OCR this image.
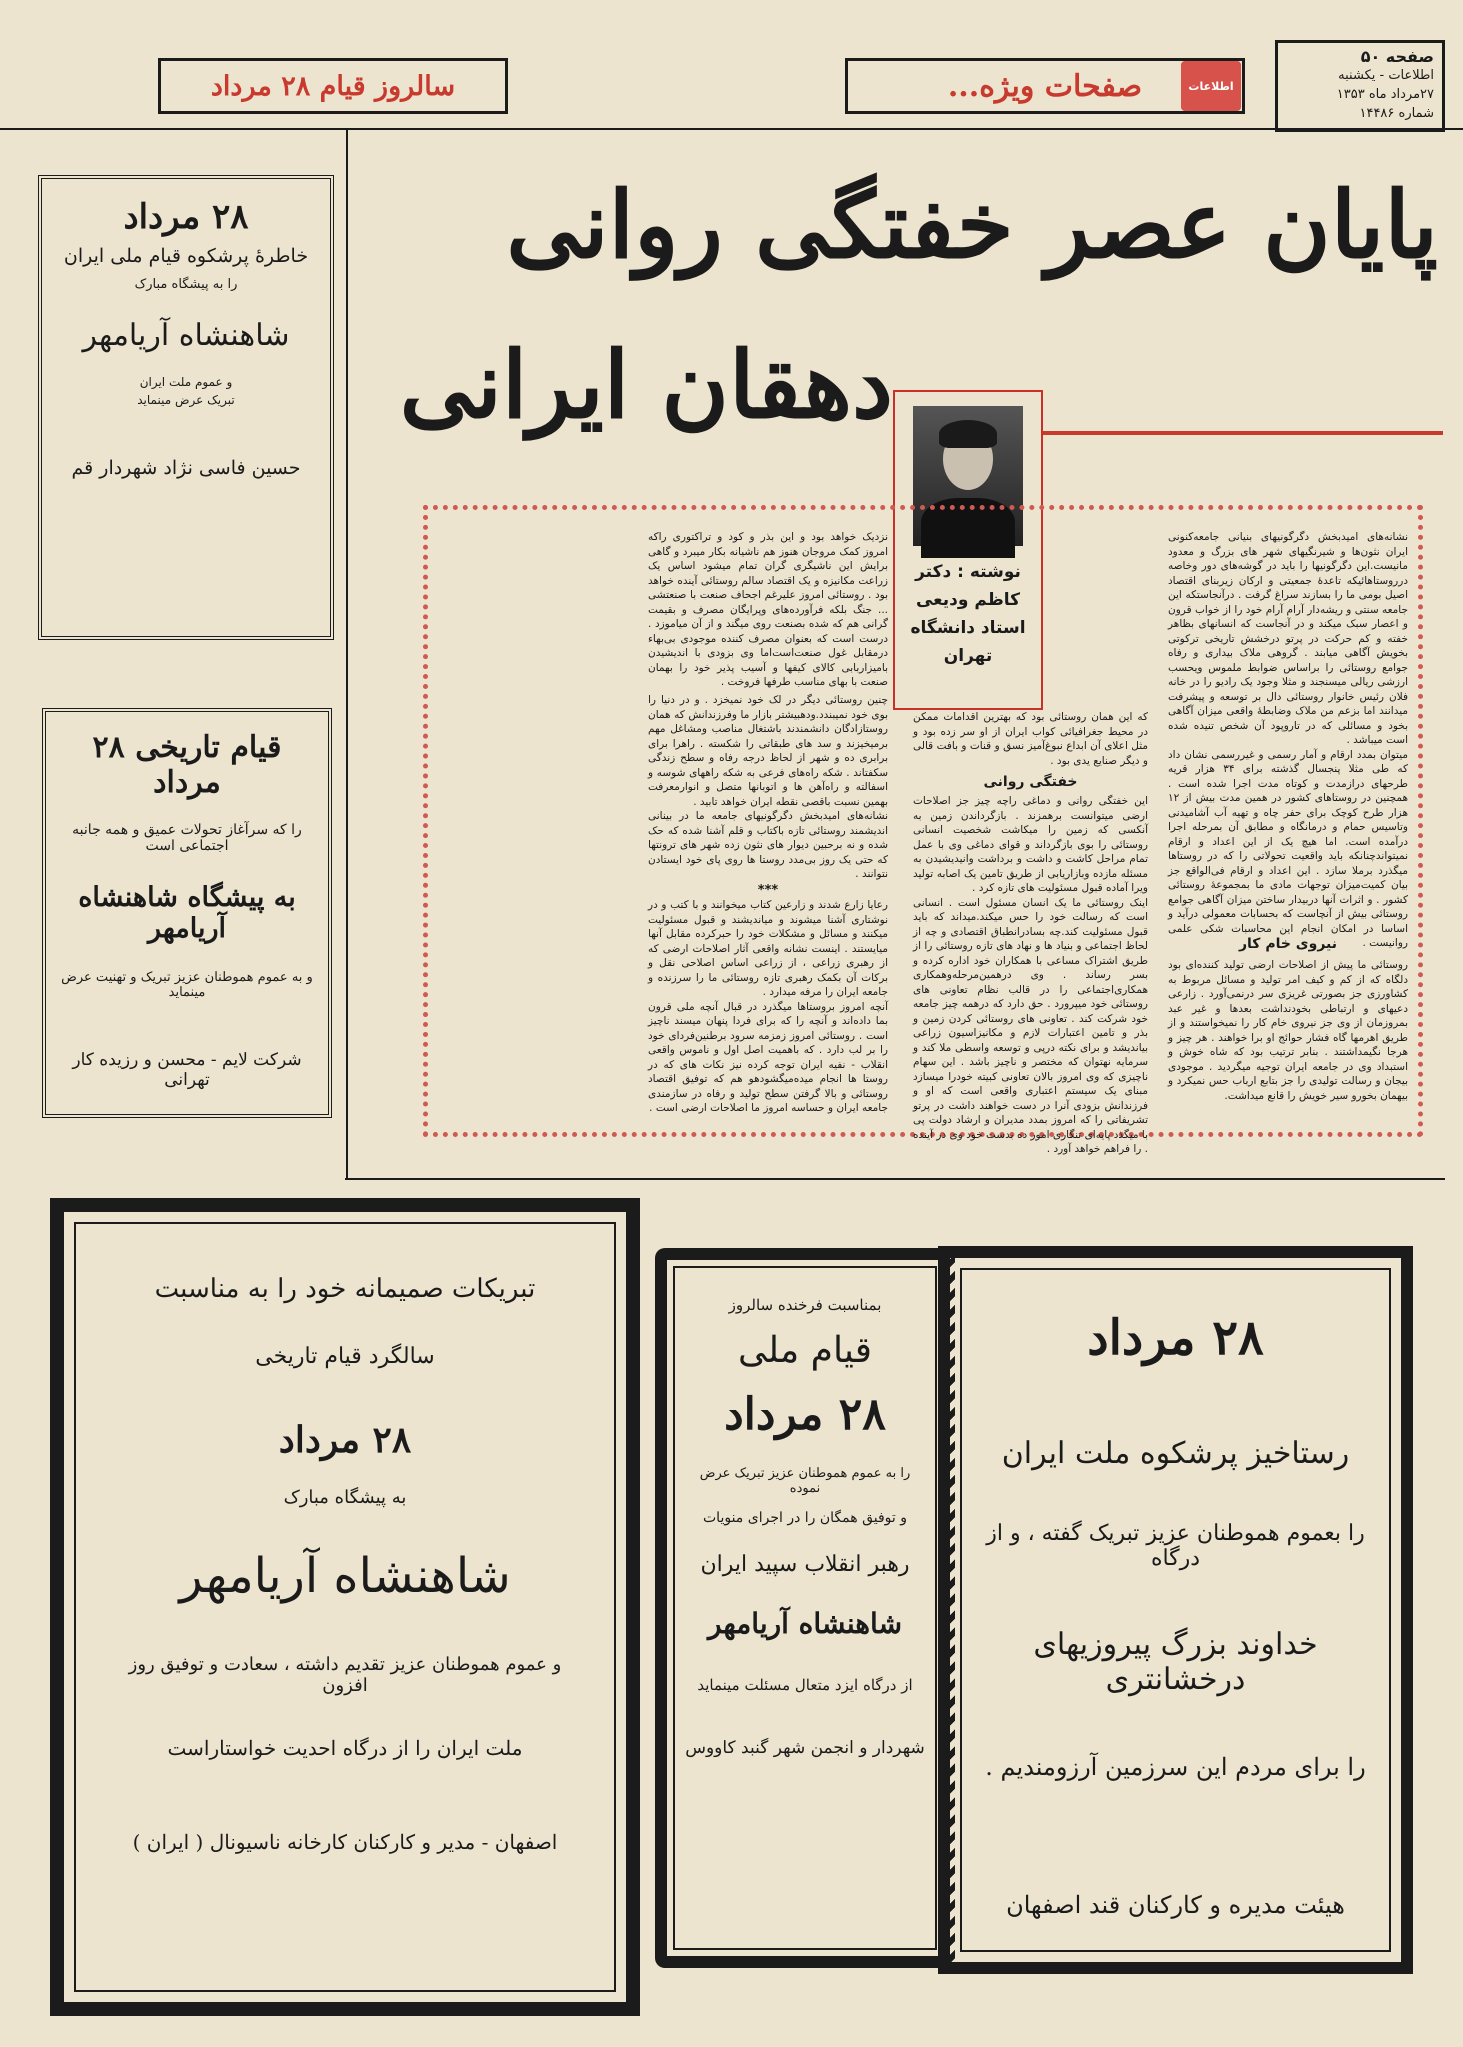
صفحه ۵۰
اطلاعات - یکشنبه
۲۷مرداد ماه ۱۳۵۳
شماره ۱۴۴۸۶
صفحات ویژه...	اطلاعات
سالروز قیام ۲۸ مرداد
پایان عصر خفتگی روانی
دهقان ایرانی
نوشته : دکتر
کاظم ودیعی
استاد دانشگاه
تهران
نشانه‌های امیدبخش دگرگونیهای بنیانی جامعه‌کنونی ایران نثون‌ها و شیرنگیهای شهر های بزرگ و معدود مانیست.این دگرگونیها را باید در گوشه‌های دور وخاصه درروستاهائیکه تاعدهٔ جمعیتی و ارکان زیربنای اقتصاد اصیل بومی ما را بسازند سراغ گرفت . درآنجاستکه این جامعه سنتی و ریشه‌دار آرام آرام خود را از خواب قرون و اعصار سبک میکند و در آنجاست که انسانهای بظاهر خفته و کم حرکت در پرتو درخشش تاریخی ترکوتی بخویش آگاهی میابند . گروهی ملاک بیداری و رفاه جوامع روستائی را براساس ضوابط ملموس ویحسب ارزشی ریالی میسنجند و مثلا وجود یک رادیو را در خانه فلان رئیس خانوار روستائی دال بر توسعه و پیشرفت میدانند اما بزعم من ملاک وضابطهٔ واقعی میزان آگاهی بخود و مسائلی که در تاروپود آن شخص تنیده شده است میباشد .
میتوان بمدد ارقام و آمار رسمی و غیررسمی نشان داد که طی مثلا پنجسال گذشته برای ۳۴ هزار قریه طرحهای درازمدت و کوتاه مدت اجرا شده است . همچنین در روستاهای کشور در همین مدت بیش از ۱۲ هزار طرح کوچک برای حفر چاه و تهیه آب آشامیدنی وتاسیس حمام و درمانگاه و مطابق آن بمرحله اجرا درآمده است. اما هیچ یک از این اعداد و ارقام نمیتواندچنانکه باید واقعیت تحولاتی را که در روستاها میگذرد برملا سازد . این اعداد و ارقام فی‌الواقع جز بیان کمیت‌میزان توجهات مادی ما بمجموعهٔ روستائی کشور . و اثرات آنها دربیدار ساختن میزان آگاهی جوامع روستائی بیش از آنچاست که بحسابات معمولی درآید و اساسا در امکان انجام این محاسبات شکی علمی روانیست .
نیروی خام کار
روستائی ما پیش از اصلاحات ارضی تولید کننده‌ای بود دلگاه که از کم و کیف امر تولید و مسائل مربوط به کشاورزی جز بصورتی غریزی سر درنمی‌آورد . زارعی دعیهای و ارتباطی بخودنداشت بعدها و غیر عبد بمروزمان از وی جز نیروی خام کار را نمیخواستند و از طریق اهرمها گاه فشار حوائج او برا خواهند . هر چیز و هرجا نگیمداشتند . بنابر ترتیب بود که شاه خوش و استبداد وی در جامعه ایران توجیه میگردید . موجودی بیجان و رسالت تولیدی را جز بتابع ارباب حس نمیکرد و بیهمان بخورو سیر خویش را قانع میداشت.
که این همان روستائی بود که بهترین اقدامات ممکن در محیط جغرافیائی کواب ایران از او سر زده بود و مثل اعلای آن ابداع نبوغ‌آمیز نسق و قنات و بافت قالی و دیگر صنایع یدی بود .
خفتگی روانی
این خفتگی روانی و دماغی راچه چیز جز اصلاحات ارضی میتوانست برهمزند . بازگرداندن زمین به آنکسی که زمین را میکاشت شخصیت انسانی روستائی را بوی بازگرداند و قوای دماغی وی با عمل تمام مراحل کاشت و داشت و برداشت وانیدیشیدن به مسئله مازده وبازاریابی از طریق تامین یک اصابه تولید ویرا آماده قبول مسئولیت های تازه کرد .
اینک روستائی ما یک انسان مسئول است . انسانی است که رسالت خود را حس میکند.میداند که باید قبول مسئولیت کند.چه بسادرانطباق اقتصادی و چه از لحاظ اجتماعی و بنیاد ها و نهاد های تازه روستائی را از طریق اشتراک مساعی با همکاران خود اداره کرده و بسر رساند . وی درهمین‌مرحله‌وهمکاری همکاری‌اجتماعی را در قالب نظام تعاونی های روستائی خود میپرورد . حق دارد که درهمه چیز جامعه خود شرکت کند . تعاونی های روستائی کردن زمین و بذر و تامین اعتبارات لازم و مکانیزاسیون زراعی بیاندیشد و برای نکته درپی و توسعه واسطی ملا کند و سرمایه نهتوان که مختصر و ناچیز باشد . این سهام ناچیزی که وی امروز بالان تعاونی کبیته خودرا میسازد مبنای یک سیستم اعتباری واقعی است که او و فرزندانش بزودی آنرا در دست خواهند داشت در پرتو تشریفاتی را که امروز بمدد مدیران و ارشاد دولت پی با میگذد پایه‌ای تنگاری امور ده بدست خود وی در آینده . را فراهم خواهد آورد .
نزدیک خواهد بود و این بذر و کود و تراکتوری راکه امروز کمک مروجان هنوز هم ناشیانه بکار میبرد و گاهی برایش این ناشیگری گران تمام میشود اساس یک زراعت مکانیزه و یک اقتصاد سالم روستائی آینده خواهد بود . روستائی امروز علیرغم اجحاف صنعت با صنعتشی ... جنگ بلکه فرآورده‌های وپرایگان مصرف و بقیمت گرانی هم که شده بصنعت روی میگند و از آن میاموزد . درست است که بعنوان مصرف کننده موجودی بی‌بهاء درمقابل غول صنعت‌است‌اما وی بزودی با اندیشیدن بامیزاربابی کالای کیفها و آسیب پذیر خود را بهمان صنعت با بهای مناسب طرفها فروخت .
چنین روستائی دیگر در لک خود نمیخزد . و در دنیا را بوی خود نمیبندد.ودهبیشتر بازار ما وفرزندانش که همان روستازادگان دانشمندند باشتغال مناصب ومشاغل مهم برمیخیزند و سد های طبقاتی را شکسته . راهرا برای برابری ده و شهر از لحاظ درجه رفاه و سطح زندگی سکفتاند . شکه راه‌های فرعی به شکه راههای شوسه و اسفالته و راه‌آهن ها و اتوبانها متصل و انوارمعرفت بهمین نسبت باقصی نقطه ایران خواهد تابید .
نشانه‌های امیدبخش دگرگونیهای جامعه ما در بینانی اندیشمند روستائی تازه باکتاب و قلم آشنا شده که حک شده و نه برحبین دیوار های نثون زده شهر های ترونتها که حتی یک روز بی‌مدد روستا ها روی پای خود ایستادن نتوانند .
***
رعایا زارع شدند و زارعین کتاب میخوانند و با کتب و در نوشتاری آشنا میشوند و میاندیشند و قبول مسئولیت میکنند و مسائل و مشکلات خود را حبرکرده مقابل آنها میایستند . اینست نشانه واقعی آثار اصلاحات ارضی که از رهبری زراعی ، از زراعی اساس اصلاحی نقل و برکات آن بکمک رهبری تازه روستائی ما را سرزنده و جامعه ایران را مرفه میدارد .
آنچه امروز بروستاها میگذرد در قبال آنچه ملی قرون بما داده‌اند و آنچه را که برای فردا پنهان میسند ناچیز است . روستائی امروز زمزمه سرود برطنین‌فردای خود را بر لب دارد . که باهمیت اصل اول و ناموس واقعی انقلاب - نفیه ایران توجه کرده نیز نکات های که در روستا ها انجام میده‌میگشودهو هم که توفیق اقتصاد روستائی و بالا گرفتن سطح تولید و رفاه در سازمندی جامعه ایران و حساسه امروز ما اصلاحات ارضی است .
۲۸ مرداد
خاطرهٔ پرشکوه قیام ملی ایران
را به پیشگاه مبارک
شاهنشاه آریامهر
و عموم ملت ایران
تبریک عرض مینماید
حسین فاسی نژاد شهردار قم
قیام تاریخی ۲۸ مرداد
را که سرآغاز تحولات عمیق و همه جانبه اجتماعی است
به پیشگاه شاهنشاه آریامهر
و به عموم هموطنان عزیز تبریک و تهنیت عرض مینماید
شرکت لایم - محسن و رزیده کار تهرانی
تبریکات صمیمانه خود را به مناسبت
سالگرد قیام تاریخی
۲۸ مرداد
به پیشگاه مبارک
شاهنشاه آریامهر
و عموم هموطنان عزیز تقدیم داشته ، سعادت و توفیق روز افزون
ملت ایران را از درگاه احدیت خواستاراست
اصفهان - مدیر و کارکنان کارخانه ناسیونال ( ایران )
بمناسبت فرخنده سالروز
قیام ملی
۲۸ مرداد
را به عموم هموطنان عزیز تبریک عرض نموده
و توفیق همگان را در اجرای منویات
رهبر انقلاب سپید ایران
شاهنشاه آریامهر
از درگاه ایزد متعال مسئلت مینماید
شهردار و انجمن شهر گنبد کاووس
۲۸ مرداد
رستاخیز پرشکوه ملت ایران
را بعموم هموطنان عزیز تبریک گفته ، و از درگاه
خداوند بزرگ پیروزیهای درخشانتری
را برای مردم این سرزمین آرزومندیم .
هیئت مدیره و کارکنان قند اصفهان
